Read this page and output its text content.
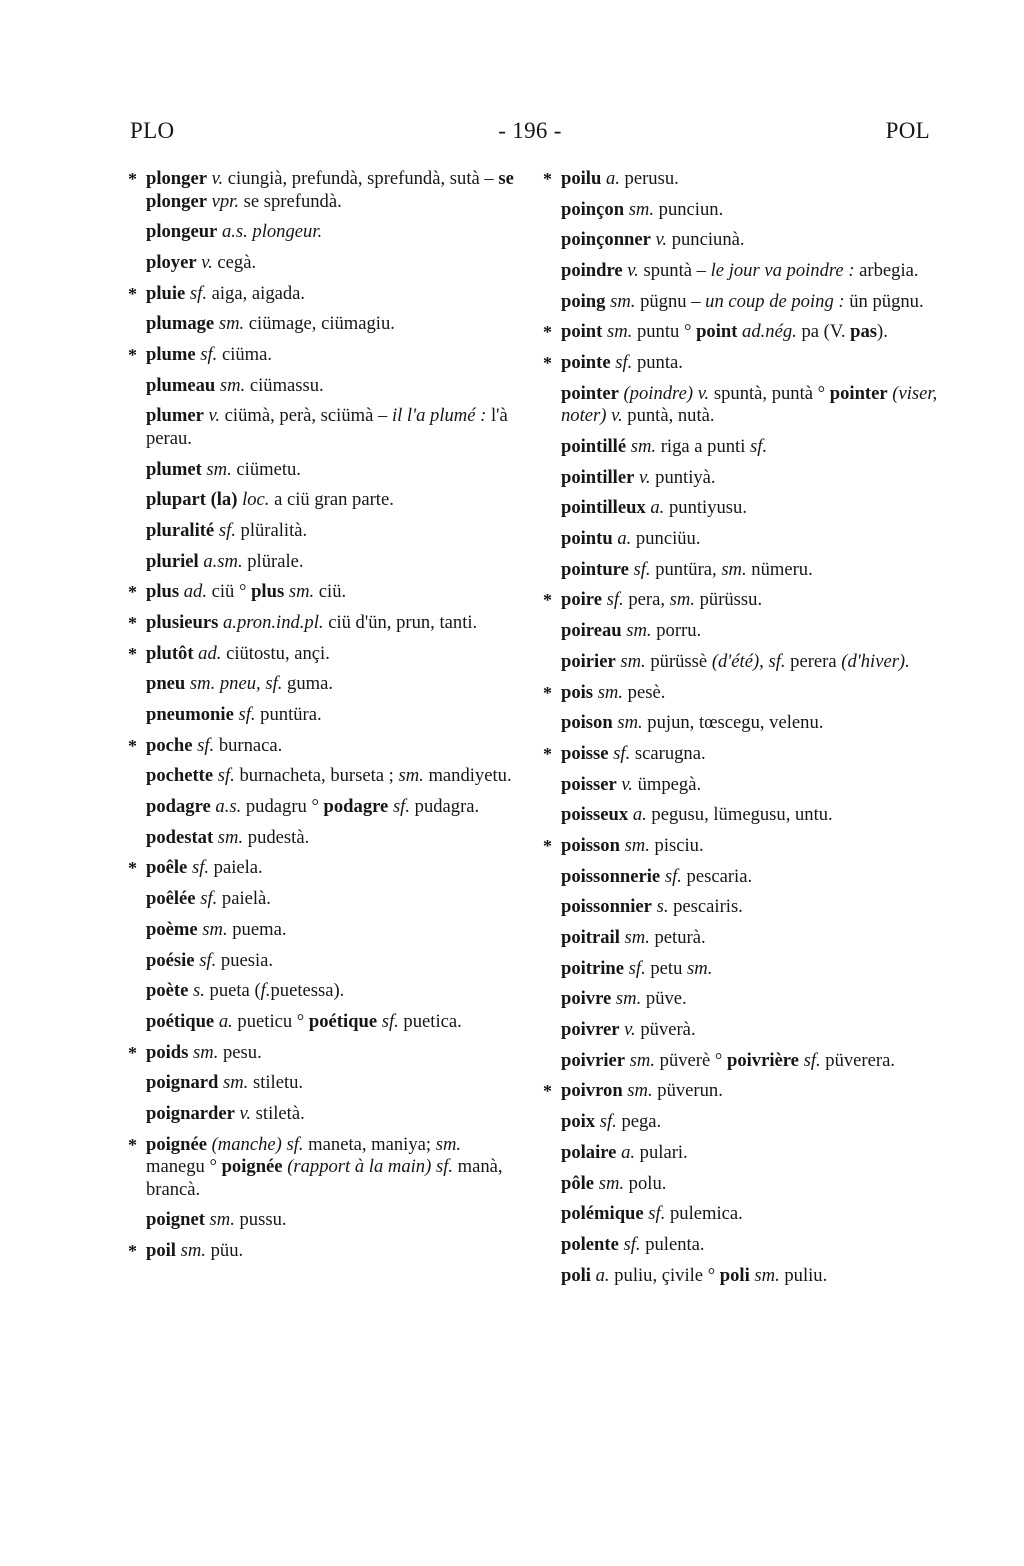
PLO	- 196 -	POL
* plonger v. ciungià, prefundà, sprefundà, sutà – se plonger vpr. se sprefundà.
plongeur a.s. plongeur.
ployer v. cegà.
* pluie sf. aiga, aigada.
plumage sm. ciümage, ciümagiu.
* plume sf. ciüma.
plumeau sm. ciümassu.
plumer v. ciümà, perà, sciümà – il l'a plumé : l'à perau.
plumet sm. ciümetu.
plupart (la) loc. a ciü gran parte.
pluralité sf. plüralità.
pluriel a.sm. plürale.
* plus ad. ciü ° plus sm. ciü.
* plusieurs a.pron.ind.pl. ciü d'ün, prun, tanti.
* plutôt ad. ciütostu, ançi.
pneu sm. pneu, sf. guma.
pneumonie sf. puntüra.
* poche sf. burnaca.
pochette sf. burnacheta, burseta ; sm. mandiyetu.
podagre a.s. pudagru ° podagre sf. pudagra.
podestat sm. pudestà.
* poêle sf. paiela.
poêlée sf. paielà.
poème sm. puema.
poésie sf. puesia.
poète s. pueta (f.puetessa).
poétique a. pueticu ° poétique sf. puetica.
* poids sm. pesu.
poignard sm. stiletu.
poignarder v. stiletà.
* poignée (manche) sf. maneta, maniya; sm. manegu ° poignée (rapport à la main) sf. manà, brancà.
poignet sm. pussu.
* poil sm. püu.
* poilu a. perusu.
poinçon sm. punciun.
poinçonner v. punciunà.
poindre v. spuntà – le jour va poindre : arbegia.
poing sm. pügnu – un coup de poing : ün pügnu.
* point sm. puntu ° point ad.nég. pa (V. pas).
* pointe sf. punta.
pointer (poindre) v. spuntà, puntà ° pointer (viser, noter) v. puntà, nutà.
pointillé sm. riga a punti sf.
pointiller v. puntiyà.
pointilleux a. puntiyusu.
pointu a. punciüu.
pointure sf. puntüra, sm. nümeru.
* poire sf. pera, sm. pürüssu.
poireau sm. porru.
poirier sm. pürüssè (d'été), sf. perera (d'hiver).
* pois sm. pesè.
poison sm. pujun, tœscegu, velenu.
* poisse sf. scarugna.
poisser v. ümpegà.
poisseux a. pegusu, lümegusu, untu.
* poisson sm. pisciu.
poissonnerie sf. pescaria.
poissonnier s. pescairis.
poitrail sm. peturà.
poitrine sf. petu sm.
poivre sm. püve.
poivrer v. püverà.
poivrier sm. püverè ° poivrière sf. püverera.
* poivron sm. püverun.
poix sf. pega.
polaire a. pulari.
pôle sm. polu.
polémique sf. pulemica.
polente sf. pulenta.
poli a. puliu, çivile ° poli sm. puliu.
